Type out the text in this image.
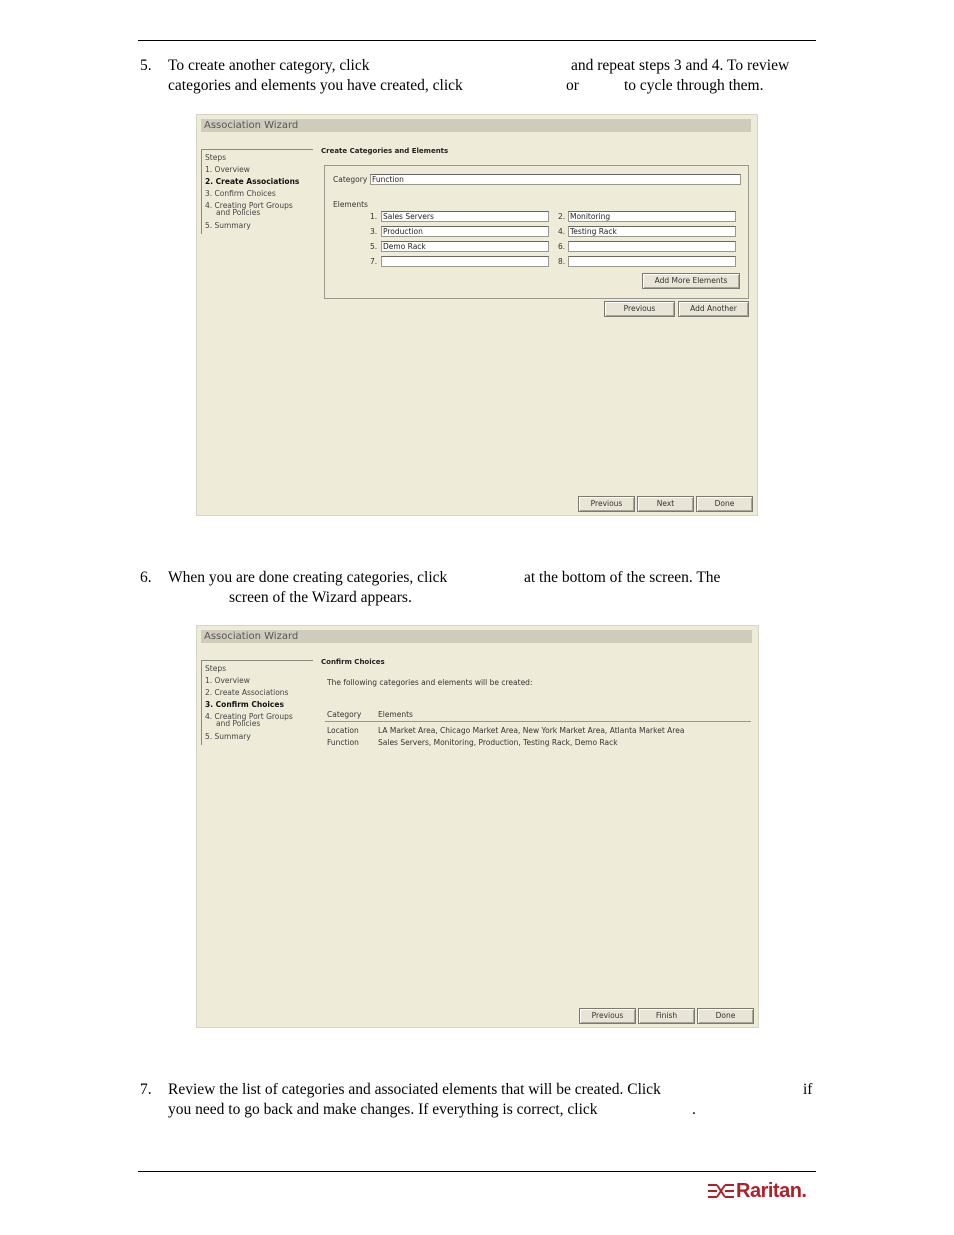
5. To create another category, click	and repeat steps 3 and 4. To review
categories and elements you have created, click	or	to cycle through them.
Association Wizard
Steps
1. Overview
2. Create Associations
3. Confirm Choices
4. Creating Port Groups
and Policies
5. Summary
Create Categories and Elements
Category Function
Elements
1. Sales Servers	2. Monitoring
3. Production	4. Testing Rack
5. Demo Rack	6.
7.	8.
Add More Elements
Previous	Add Another
Previous	Next	Done
6. When you are done creating categories, click	at the bottom of the screen. The
screen of the Wizard appears.
Association Wizard
Steps
1. Overview
2. Create Associations
3. Confirm Choices
4. Creating Port Groups
and Policies
5. Summary
Confirm Choices
The following categories and elements will be created:
Category Elements
Location	LA Market Area, Chicago Market Area, New York Market Area, Atlanta Market Area
Function	Sales Servers, Monitoring, Production, Testing Rack, Demo Rack
Previous	Finish	Done
7. Review the list of categories and associated elements that will be created. Click	if
you need to go back and make changes. If everything is correct, click	.
Raritan.
